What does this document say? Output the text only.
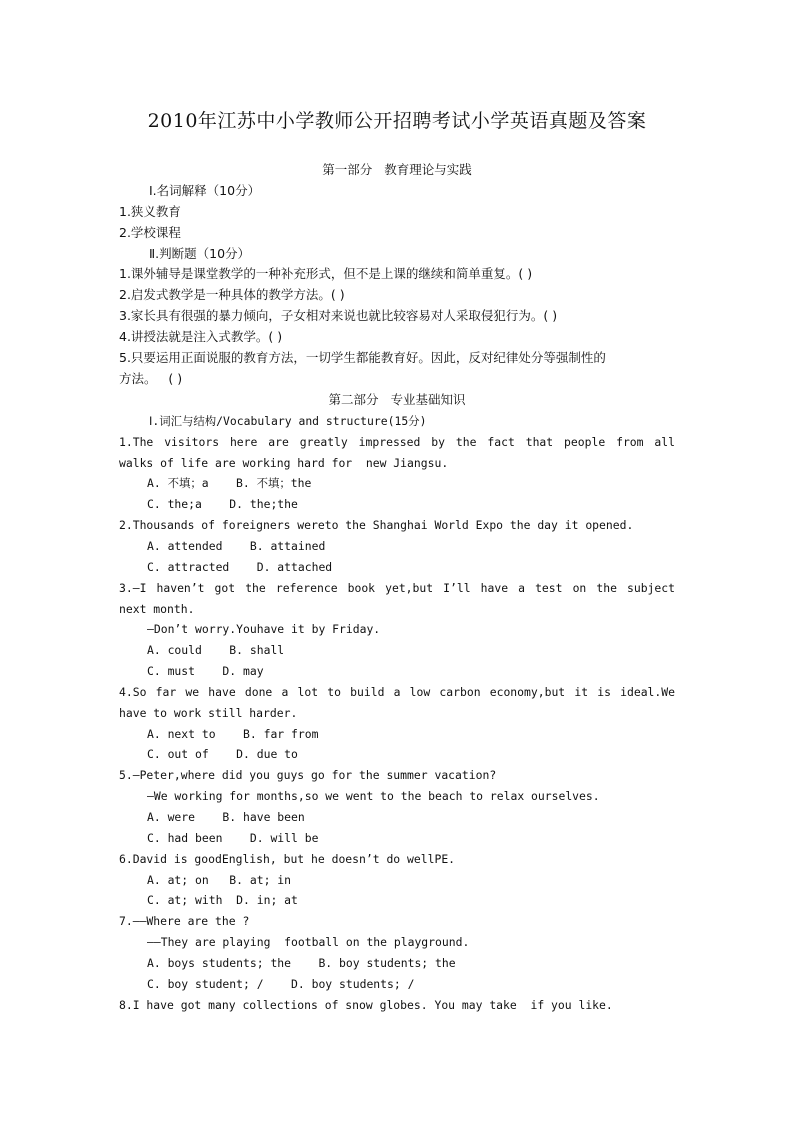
2010年江苏中小学教师公开招聘考试小学英语真题及答案
第一部分   教育理论与实践
Ⅰ.名词解释（10分）
1.狭义教育
2.学校课程
Ⅱ.判断题（10分）
1.课外辅导是课堂教学的一种补充形式，但不是上课的继续和简单重复。( )
2.启发式教学是一种具体的教学方法。( )
3.家长具有很强的暴力倾向，子女相对来说也就比较容易对人采取侵犯行为。( )
4.讲授法就是注入式教学。( )
5.只要运用正面说服的教育方法，一切学生都能教育好。因此，反对纪律处分等强制性的
方法。   ( )
第二部分   专业基础知识
Ⅰ.词汇与结构/Vocabulary and structure(15分)
1.The visitors here are greatly impressed by the fact that people from all
walks of life are working hard for  new Jiangsu.
A. 不填；a    B. 不填；the
C. the;a    D. the;the
2.Thousands of foreigners wereto the Shanghai World Expo the day it opened.
A. attended    B. attained
C. attracted    D. attached
3.—I haven’t got the reference book yet,but I’ll have a test on the subject
next month.
—Don’t worry.Youhave it by Friday.
A. could    B. shall
C. must    D. may
4.So far we have done a lot to build a low carbon economy,but it is ideal.We
have to work still harder.
A. next to    B. far from
C. out of    D. due to
5.—Peter,where did you guys go for the summer vacation?
—We working for months,so we went to the beach to relax ourselves.
A. were    B. have been
C. had been    D. will be
6.David is goodEnglish, but he doesn’t do wellPE.
A. at; on   B. at; in
C. at; with  D. in; at
7.——Where are the ?
——They are playing  football on the playground.
A. boys students; the    B. boy students; the
C. boy student; /    D. boy students; /
8.I have got many collections of snow globes. You may take  if you like.
